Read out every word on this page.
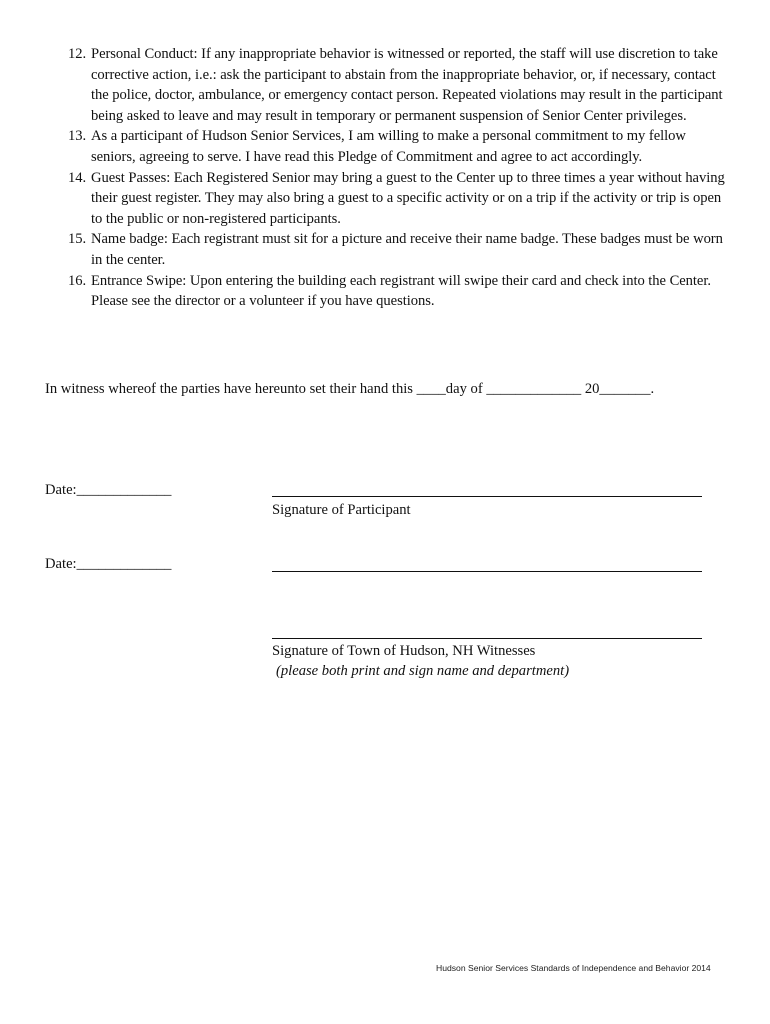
12. Personal Conduct: If any inappropriate behavior is witnessed or reported, the staff will use discretion to take corrective action, i.e.: ask the participant to abstain from the inappropriate behavior, or, if necessary, contact the police, doctor, ambulance, or emergency contact person. Repeated violations may result in the participant being asked to leave and may result in temporary or permanent suspension of Senior Center privileges.
13. As a participant of Hudson Senior Services, I am willing to make a personal commitment to my fellow seniors, agreeing to serve. I have read this Pledge of Commitment and agree to act accordingly.
14. Guest Passes: Each Registered Senior may bring a guest to the Center up to three times a year without having their guest register. They may also bring a guest to a specific activity or on a trip if the activity or trip is open to the public or non-registered participants.
15. Name badge: Each registrant must sit for a picture and receive their name badge. These badges must be worn in the center.
16. Entrance Swipe: Upon entering the building each registrant will swipe their card and check into the Center. Please see the director or a volunteer if you have questions.
In witness whereof the parties have hereunto set their hand this ____day of _____________ 20_______.
Date:_____________
Signature of Participant
Date:_____________
Signature of Town of Hudson, NH Witnesses
(please both print and sign name and department)
Hudson Senior Services Standards of Independence and Behavior 2014
